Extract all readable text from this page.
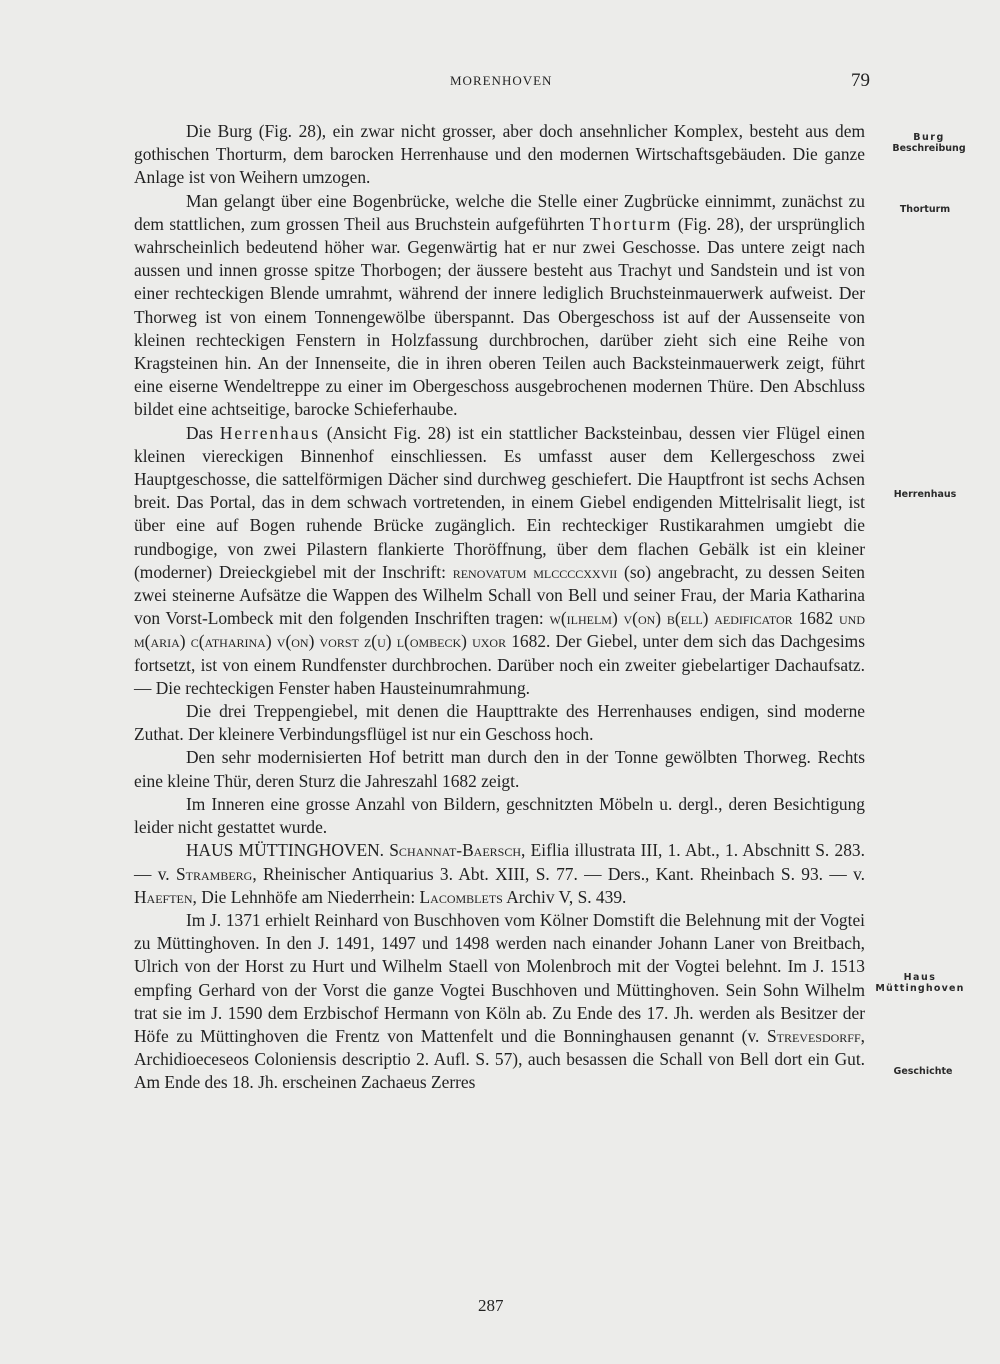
MORENHOVEN	79
Burg
Beschreibung
Thorturm
Herrenhaus
Haus
Müttinghoven
Geschichte

Die Burg (Fig. 28), ein zwar nicht grosser, aber doch ansehnlicher Komplex, besteht aus dem gothischen Thorturm, dem barocken Herrenhause und den modernen Wirtschaftsgebäuden. Die ganze Anlage ist von Weihern umzogen.

Man gelangt über eine Bogenbrücke, welche die Stelle einer Zugbrücke einnimmt, zunächst zu dem stattlichen, zum grossen Theil aus Bruchstein aufgeführten Thorturm (Fig. 28), der ursprünglich wahrscheinlich bedeutend höher war. Gegenwärtig hat er nur zwei Geschosse. Das untere zeigt nach aussen und innen grosse spitze Thorbogen; der äussere besteht aus Trachyt und Sandstein und ist von einer rechteckigen Blende umrahmt, während der innere lediglich Bruchsteinmauerwerk aufweist. Der Thorweg ist von einem Tonnengewölbe überspannt. Das Obergeschoss ist auf der Aussenseite von kleinen rechteckigen Fenstern in Holzfassung durchbrochen, darüber zieht sich eine Reihe von Kragsteinen hin. An der Innenseite, die in ihren oberen Teilen auch Backsteinmauerwerk zeigt, führt eine eiserne Wendeltreppe zu einer im Obergeschoss ausgebrochenen modernen Thüre. Den Abschluss bildet eine achtseitige, barocke Schieferhaube.

Das Herrenhaus (Ansicht Fig. 28) ist ein stattlicher Backsteinbau, dessen vier Flügel einen kleinen viereckigen Binnenhof einschliessen. Es umfasst auser dem Kellergeschoss zwei Hauptgeschosse, die sattelförmigen Dächer sind durchweg geschiefert. Die Hauptfront ist sechs Achsen breit. Das Portal, das in dem schwach vortretenden, in einem Giebel endigenden Mittelrisalit liegt, ist über eine auf Bogen ruhende Brücke zugänglich. Ein rechteckiger Rustikarahmen umgiebt die rundbogige, von zwei Pilastern flankierte Thoröffnung, über dem flachen Gebälk ist ein kleiner (moderner) Dreieckgiebel mit der Inschrift: renovatum mlccccxxvii (so) angebracht, zu dessen Seiten zwei steinerne Aufsätze die Wappen des Wilhelm Schall von Bell und seiner Frau, der Maria Katharina von Vorst-Lombeck mit den folgenden Inschriften tragen: w(ilhelm) v(on) b(ell) aedificator 1682 und m(aria) c(atharina) v(on) vorst z(u) l(ombeck) uxor 1682. Der Giebel, unter dem sich das Dachgesims fortsetzt, ist von einem Rundfenster durchbrochen. Darüber noch ein zweiter giebelartiger Dachaufsatz. — Die rechteckigen Fenster haben Hausteinumrahmung.

Die drei Treppengiebel, mit denen die Haupttrakte des Herrenhauses endigen, sind moderne Zuthat. Der kleinere Verbindungsflügel ist nur ein Geschoss hoch.

Den sehr modernisierten Hof betritt man durch den in der Tonne gewölbten Thorweg. Rechts eine kleine Thür, deren Sturz die Jahreszahl 1682 zeigt.

Im Inneren eine grosse Anzahl von Bildern, geschnitzten Möbeln u. dergl., deren Besichtigung leider nicht gestattet wurde.

HAUS MÜTTINGHOVEN. Schannat-Baersch, Eiflia illustrata III, 1. Abt., 1. Abschnitt S. 283. — v. Stramberg, Rheinischer Antiquarius 3. Abt. XIII, S. 77. — Ders., Kant. Rheinbach S. 93. — v. Haeften, Die Lehnhöfe am Niederrhein: Lacomblets Archiv V, S. 439.

Im J. 1371 erhielt Reinhard von Buschhoven vom Kölner Domstift die Belehnung mit der Vogtei zu Müttinghoven. In den J. 1491, 1497 und 1498 werden nach einander Johann Laner von Breitbach, Ulrich von der Horst zu Hurt und Wilhelm Staell von Molenbroch mit der Vogtei belehnt. Im J. 1513 empfing Gerhard von der Vorst die ganze Vogtei Buschhoven und Müttinghoven. Sein Sohn Wilhelm trat sie im J. 1590 dem Erzbischof Hermann von Köln ab. Zu Ende des 17. Jh. werden als Besitzer der Höfe zu Müttinghoven die Frentz von Mattenfelt und die Bonninghausen genannt (v. Strevesdorff, Archidioeceseos Coloniensis descriptio 2. Aufl. S. 57), auch besassen die Schall von Bell dort ein Gut. Am Ende des 18. Jh. erscheinen Zachaeus Zerres

287
